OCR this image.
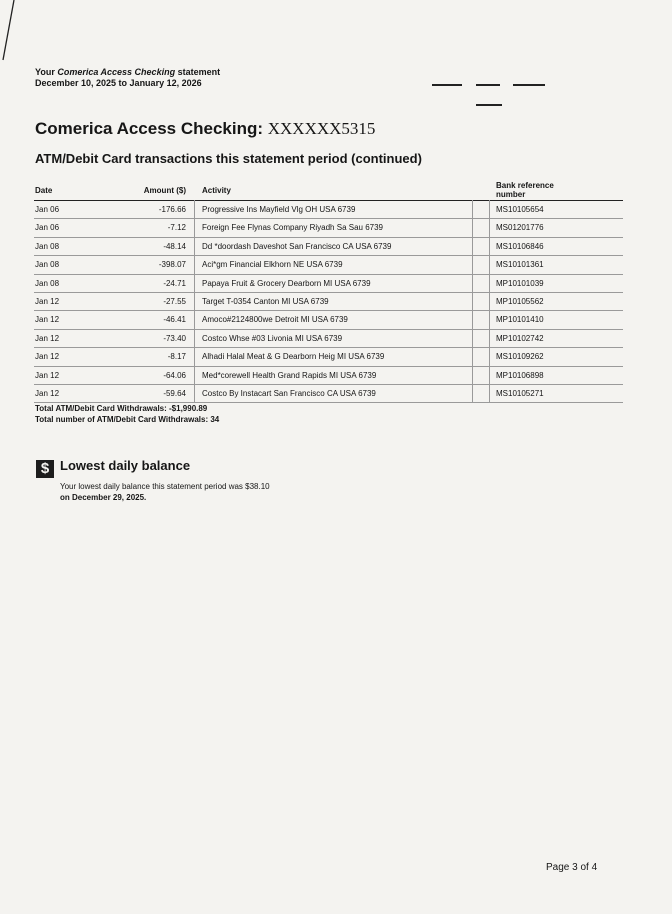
Your Comerica Access Checking statement
December 10, 2025 to January 12, 2026
Comerica Access Checking: XXXXXX5315
ATM/Debit Card transactions this statement period (continued)
Date	Amount ($) Activity
Bank reference number
Jan 06	-176.66 Progressive Ins Mayfield Vlg OH USA 6739	MS10105654
Jan 06	-7.12 Foreign Fee Flynas Company Riyadh Sa Sau 6739	MS01201776
Jan 08	-48.14 Dd *doordash Daveshot San Francisco CA USA 6739	MS10106846
Jan 08	-398.07 Aci*gm Financial Elkhorn NE USA 6739	MS10101361
Jan 08	-24.71 Papaya Fruit & Grocery Dearborn MI USA 6739	MP10101039
Jan 12	-27.55 Target T-0354 Canton MI USA 6739	MP10105562
Jan 12	-46.41 Amoco#2124800we Detroit MI USA 6739	MP10101410
Jan 12	-73.40 Costco Whse #03 Livonia MI USA 6739	MP10102742
Jan 12	-8.17 Alhadi Halal Meat & G Dearborn Heig MI USA 6739	MS10109262
Jan 12	-64.06 Med*corewell Health Grand Rapids MI USA 6739	MP10106898
Jan 12	-59.64 Costco By Instacart San Francisco CA USA 6739	MS10105271
Total ATM/Debit Card Withdrawals: -$1,990.89
Total number of ATM/Debit Card Withdrawals: 34
$ Lowest daily balance
Your lowest daily balance this statement period was $38.10
on December 29, 2025.
Page 3 of 4
